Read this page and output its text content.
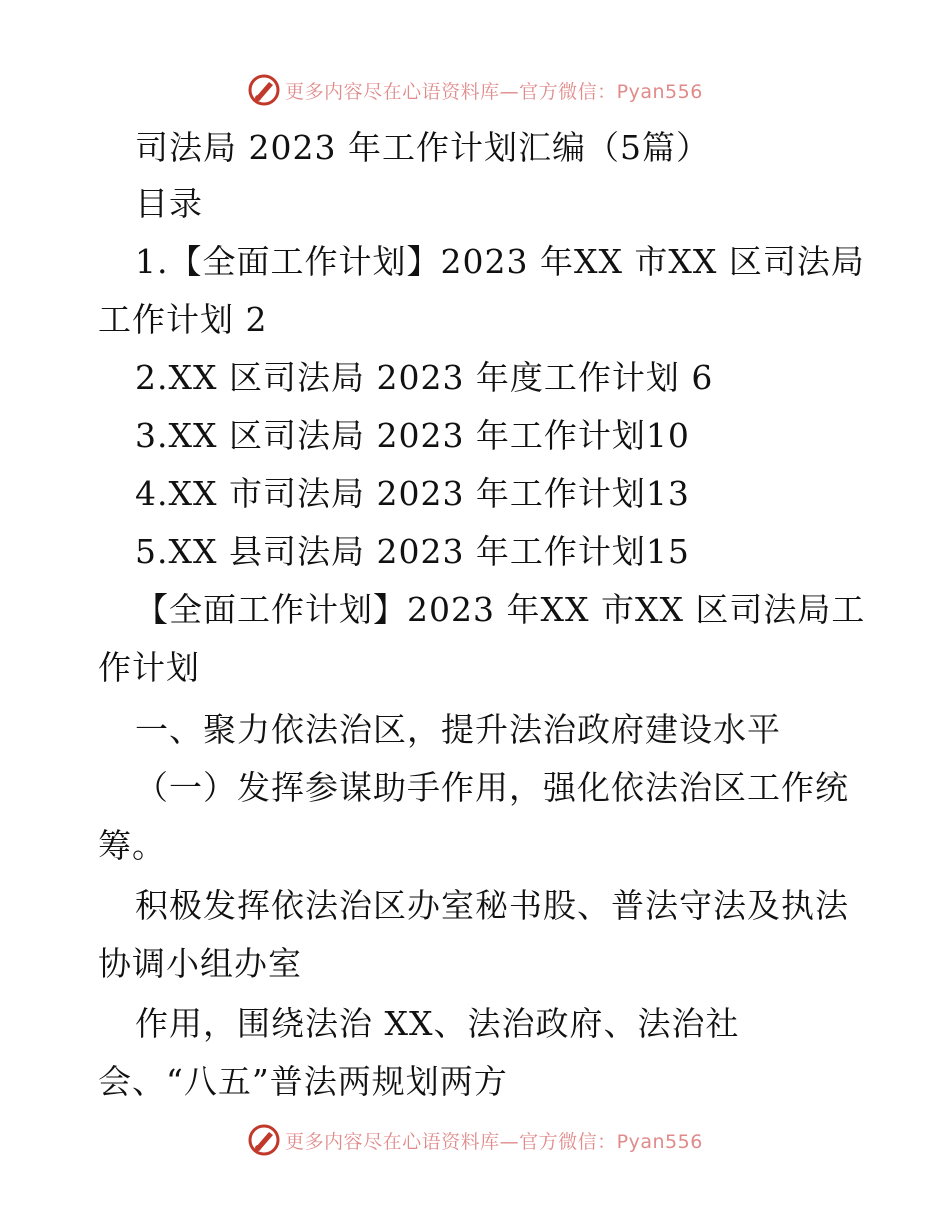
更多内容尽在心语资料库—官方微信：Pyan556
司法局 2023 年工作计划汇编（5篇）
目录
1.【全面工作计划】2023 年XX 市XX 区司法局
工作计划 2
2.XX 区司法局 2023 年度工作计划 6
3.XX 区司法局 2023 年工作计划10
4.XX 市司法局 2023 年工作计划13
5.XX 县司法局 2023 年工作计划15
【全面工作计划】2023 年XX 市XX 区司法局工
作计划
一、聚力依法治区，提升法治政府建设水平
（一）发挥参谋助手作用，强化依法治区工作统
筹。
积极发挥依法治区办室秘书股、普法守法及执法
协调小组办室
作用，围绕法治 XX、法治政府、法治社
会、“八五”普法两规划两方
更多内容尽在心语资料库—官方微信：Pyan556
